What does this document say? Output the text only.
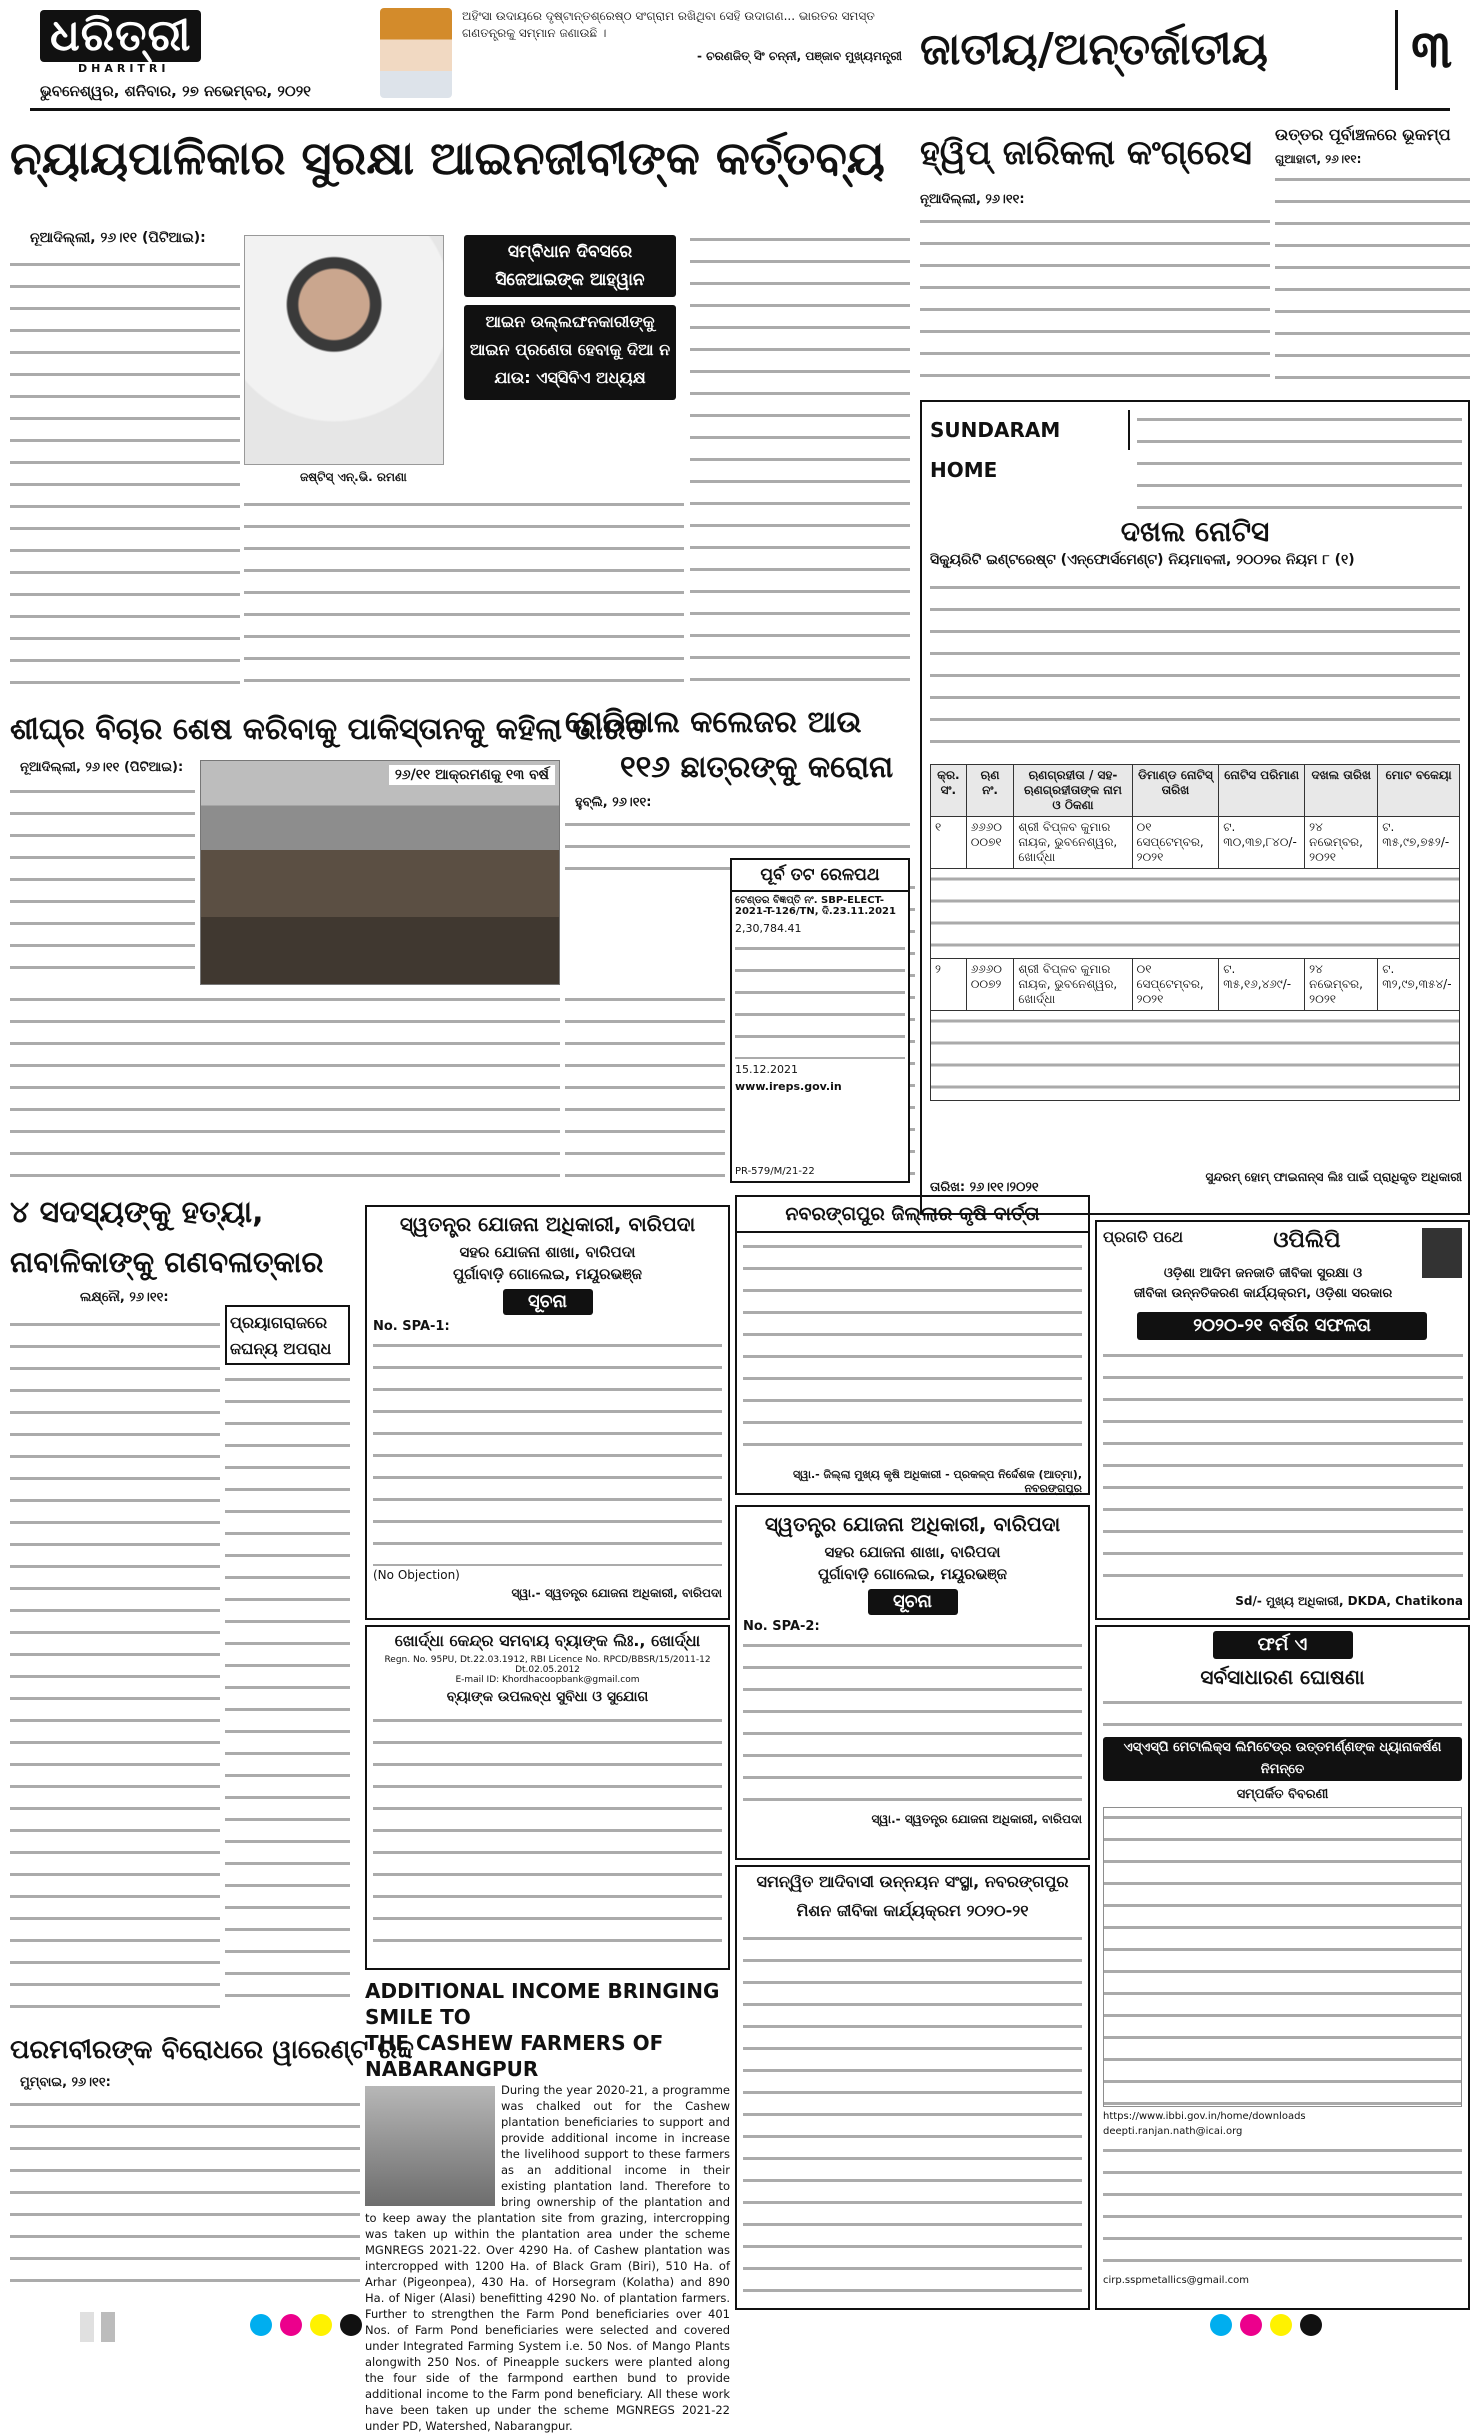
ଧରିତ୍ରୀ
DHARITRI
ଭୁବନେଶ୍ୱର, ଶନିବାର, ୨୭ ନଭେମ୍ବର, ୨୦୨୧
ଅହିଂସା ଉଦାୟରେ ଦୃଷ୍ଟାନ୍ତଶ୍ରେଷ୍ଠ ସଂଗ୍ରାମ ରଖିଥିବା ସେହି ଉଦାଗଣ... ଭାରତର ସମସ୍ତ ଗଣତନ୍ତ୍ରକୁ ସମ୍ମାନ ଜଣାଉଛି ।
- ଚରଣଜିତ୍ ସିଂ ଚନ୍ନୀ, ପଞ୍ଜାବ ମୁଖ୍ୟମନ୍ତ୍ରୀ ଜାତୀୟ/ଅନ୍ତର୍ଜାତୀୟ	୩
ନ୍ୟାୟପାଳିକାର ସୁରକ୍ଷା ଆଇନଜୀବୀଙ୍କ କର୍ତ୍ତବ୍ୟ
ନୂଆଦିଲ୍ଲୀ, ୨୬।୧୧ (ପିଟିଆଇ):
ଜଷ୍ଟିସ୍ ଏନ୍.ଭି. ରମଣା
ସମ୍ବିଧାନ ଦିବସରେ ସିଜେଆଇଙ୍କ ଆହ୍ୱାନ
ଆଇନ ଉଲ୍ଲଙ୍ଘନକାରୀଙ୍କୁ ଆଇନ ପ୍ରଣେତା ହେବାକୁ ଦିଆ ନ ଯାଉ: ଏସ୍‌ସିବିଏ ଅଧ୍ୟକ୍ଷ
ହ୍ୱିପ୍ ଜାରିକଲା କଂଗ୍ରେସ
ନୂଆଦିଲ୍ଲୀ, ୨୬।୧୧:
ଉତ୍ତର ପୂର୍ବାଞ୍ଚଳରେ ଭୂକମ୍ପ
ଗୁଆହାଟୀ, ୨୬।୧୧:
SUNDARAM HOME
ଦଖଲ ନୋଟିସ
ସିକ୍ୟୁରିଟି ଇଣ୍ଟରେଷ୍ଟ (ଏନ୍‌ଫୋର୍ସମେଣ୍ଟ) ନିୟମାବଳୀ, ୨୦୦୨ର ନିୟମ ୮ (୧)
କ୍ର. ସଂ.	ଋଣ ନଂ.	ଋଣଗ୍ରହୀତା / ସହ-ଋଣଗ୍ରହୀତାଙ୍କ ନାମ ଓ ଠିକଣା	ଡିମାଣ୍ଡ ନୋଟିସ୍ ତାରିଖ	ନୋଟିସ ପରିମାଣ	ଦଖଲ ତାରିଖ	ମୋଟ ବକେୟା
୧	୬୬୬୦ ୦୦୭୧	ଶ୍ରୀ ବିପ୍ଳବ କୁମାର ନାୟକ, ଭୁବନେଶ୍ୱର, ଖୋର୍ଦ୍ଧା	୦୧ ସେପ୍ଟେମ୍ବର, ୨୦୨୧	ଟ. ୩୦,୩୭,୮୪୦/-	୨୪ ନଭେମ୍ବର, ୨୦୨୧	ଟ. ୩୫,୯୭,୭୫୨/-

୨	୬୬୬୦ ୦୦୭୨	ଶ୍ରୀ ବିପ୍ଳବ କୁମାର ନାୟକ, ଭୁବନେଶ୍ୱର, ଖୋର୍ଦ୍ଧା	୦୧ ସେପ୍ଟେମ୍ବର, ୨୦୨୧	ଟ. ୩୫,୧୬,୪୬୯/-	୨୪ ନଭେମ୍ବର, ୨୦୨୧	ଟ. ୩୨,୯୭,୩୫୪/-

ତାରିଖ: ୨୬।୧୧।୨୦୨୧
ସୁନ୍ଦରମ୍ ହୋମ୍ ଫାଇନାନ୍ସ ଲିଃ ପାଇଁ ପ୍ରାଧିକୃତ ଅଧିକାରୀ
ଶୀଘ୍ର ବିଚାର ଶେଷ କରିବାକୁ ପାକିସ୍ତାନକୁ କହିଲା ଭାରତ
ନୂଆଦିଲ୍ଲୀ, ୨୬।୧୧ (ପିଟିଆଇ):	୨୬/୧୧ ଆକ୍ରମଣକୁ ୧୩ ବର୍ଷ
ମେଡିକାଲ କଲେଜର ଆଉ
୧୧୬ ଛାତ୍ରଙ୍କୁ କରୋନା
ହୁବ୍‌ଲି, ୨୬।୧୧:
ପୂର୍ବ ତଟ ରେଳପଥ
ଟେଣ୍ଡର ବିଜ୍ଞପ୍ତି ନଂ. SBP-ELECT-2021-T-126/TN, ଦି.23.11.2021
2,30,784.41
15.12.2021
www.ireps.gov.in
PR-579/M/21-22
୪ ସଦସ୍ୟଙ୍କୁ ହତ୍ୟା,
ନାବାଳିକାଙ୍କୁ ଗଣବଳାତ୍କାର
ଲକ୍ଷ୍ନୌ, ୨୬।୧୧:
ପ୍ରୟାଗରାଜରେ ଜଘନ୍ୟ ଅପରାଧ
ପରମବୀରଙ୍କ ବିରୋଧରେ ୱାରେଣ୍ଟ ରଦ୍ଦ
ମୁମ୍ବାଇ, ୨୬।୧୧:
ସ୍ୱତନ୍ତ୍ର ଯୋଜନା ଅଧିକାରୀ, ବାରିପଦା
ସହର ଯୋଜନା ଶାଖା, ବାରିପଦା
ପୁର୍ଗାବାଡ଼ି ଗୋଲେଇ, ମୟୂରଭଞ୍ଜ
ସୂଚନା
No. SPA-1:
(No Objection)
ସ୍ୱା.- ସ୍ୱତନ୍ତ୍ର ଯୋଜନା ଅଧିକାରୀ, ବାରିପଦା
ନବରଙ୍ଗପୁର ଜିଲ୍ଲାର କୃଷି ବାର୍ତ୍ତା
ସ୍ୱା.- ଜିଲ୍ଲା ମୁଖ୍ୟ କୃଷି ଅଧିକାରୀ - ପ୍ରକଳ୍ପ ନିର୍ଦ୍ଦେଶକ (ଆତ୍ମା), ନବରଙ୍ଗପୁର
ସ୍ୱତନ୍ତ୍ର ଯୋଜନା ଅଧିକାରୀ, ବାରିପଦା
ସହର ଯୋଜନା ଶାଖା, ବାରିପଦା
ପୁର୍ଗାବାଡ଼ି ଗୋଲେଇ, ମୟୂରଭଞ୍ଜ
ସୂଚନା
No. SPA-2:
ସ୍ୱା.- ସ୍ୱତନ୍ତ୍ର ଯୋଜନା ଅଧିକାରୀ, ବାରିପଦା
ପ୍ରଗତି ପଥେ	ଓପିଲିପି
ଓଡ଼ିଶା ଆଦିମ ଜନଜାତି ଜୀବିକା ସୁରକ୍ଷା ଓ
ଜୀବିକା ଉନ୍ନତିକରଣ କାର୍ଯ୍ୟକ୍ରମ, ଓଡ଼ିଶା ସରକାର
୨୦୨୦-୨୧ ବର୍ଷର ସଫଳତା
Sd/- ମୁଖ୍ୟ ଅଧିକାରୀ, DKDA, Chatikona
ଖୋର୍ଦ୍ଧା କେନ୍ଦ୍ର ସମବାୟ ବ୍ୟାଙ୍କ ଲିଃ., ଖୋର୍ଦ୍ଧା
Regn. No. 95PU, Dt.22.03.1912, RBI Licence No. RPCD/BBSR/15/2011-12 Dt.02.05.2012
E-mail ID: Khordhacoopbank@gmail.com
ବ୍ୟାଙ୍କ ଉପଲବ୍ଧ ସୁବିଧା ଓ ସୁଯୋଗ
ADDITIONAL INCOME BRINGING SMILE TO
THE CASHEW FARMERS OF NABARANGPUR
During the year 2020-21, a programme was chalked out for the Cashew plantation beneficiaries to support and provide additional income in increase the livelihood support to these farmers as an additional income in their existing plantation land. Therefore to bring ownership of the plantation and to keep away the plantation site from grazing, intercropping was taken up within the plantation area under the scheme MGNREGS 2021-22. Over 4290 Ha. of Cashew plantation was intercropped with 1200 Ha. of Black Gram (Biri), 510 Ha. of Arhar (Pigeonpea), 430 Ha. of Horsegram (Kolatha) and 890 Ha. of Niger (Alasi) benefitting 4290 No. of plantation farmers. Further to strengthen the Farm Pond beneficiaries over 401 Nos. of Farm Pond beneficiaries were selected and covered under Integrated Farming System i.e. 50 Nos. of Mango Plants alongwith 250 Nos. of Pineapple suckers were planted along the four side of the farmpond earthen bund to provide additional income to the Farm pond beneficiary. All these work have been taken up under the scheme MGNREGS 2021-22 under PD, Watershed, Nabarangpur.
ସମନ୍ୱିତ ଆଦିବାସୀ ଉନ୍ନୟନ ସଂସ୍ଥା, ନବରଙ୍ଗପୁର
ମିଶନ ଜୀବିକା କାର୍ଯ୍ୟକ୍ରମ ୨୦୨୦-୨୧
ଫର୍ମ ଏ
ସର୍ବସାଧାରଣ ଘୋଷଣା
ଏସ୍‌ଏସ୍‌ପି ମେଟାଲିକ୍ସ ଲିମିଟେଡ୍‌ର ଉତ୍ତମର୍ଣ୍ଣଙ୍କ ଧ୍ୟାନାକର୍ଷଣ ନିମନ୍ତେ
ସମ୍ପର୍କିତ ବିବରଣୀ
https://www.ibbi.gov.in/home/downloads
deepti.ranjan.nath@icai.org
cirp.sspmetallics@gmail.com
